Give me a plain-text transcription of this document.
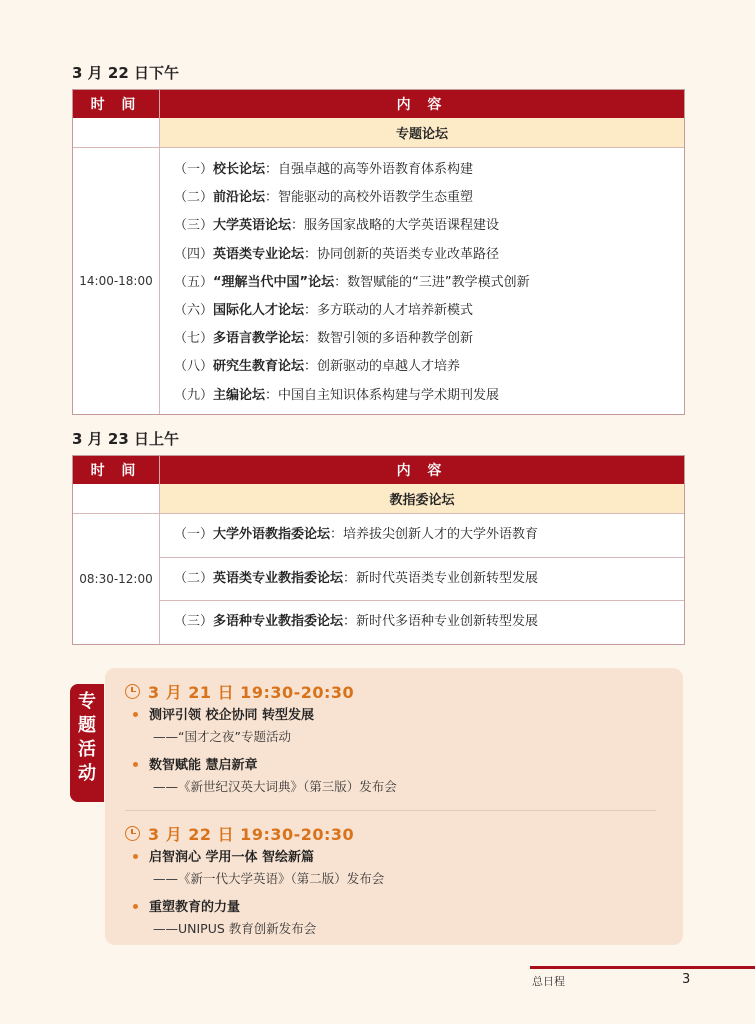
3 月 22 日下午
时 间	内 容
专题论坛
14:00-18:00
（一）校长论坛：自强卓越的高等外语教育体系构建
（二）前沿论坛：智能驱动的高校外语教学生态重塑
（三）大学英语论坛：服务国家战略的大学英语课程建设
（四）英语类专业论坛：协同创新的英语类专业改革路径
（五）“理解当代中国”论坛：数智赋能的“三进”教学模式创新
（六）国际化人才论坛：多方联动的人才培养新模式
（七）多语言教学论坛：数智引领的多语种教学创新
（八）研究生教育论坛：创新驱动的卓越人才培养
（九）主编论坛：中国自主知识体系构建与学术期刊发展
3 月 23 日上午
时 间	内 容
教指委论坛
08:30-12:00
（一）大学外语教指委论坛：培养拔尖创新人才的大学外语教育
（二）英语类专业教指委论坛：新时代英语类专业创新转型发展
（三）多语种专业教指委论坛：新时代多语种专业创新转型发展
专
题
活
动
3 月 21 日 19:30-20:30
测评引领 校企协同 转型发展
——“国才之夜”专题活动
数智赋能 慧启新章
——《新世纪汉英大词典》（第三版）发布会
3 月 22 日 19:30-20:30
启智润心 学用一体 智绘新篇
——《新一代大学英语》（第二版）发布会
重塑教育的力量
——UNIPUS 教育创新发布会
总日程	3
